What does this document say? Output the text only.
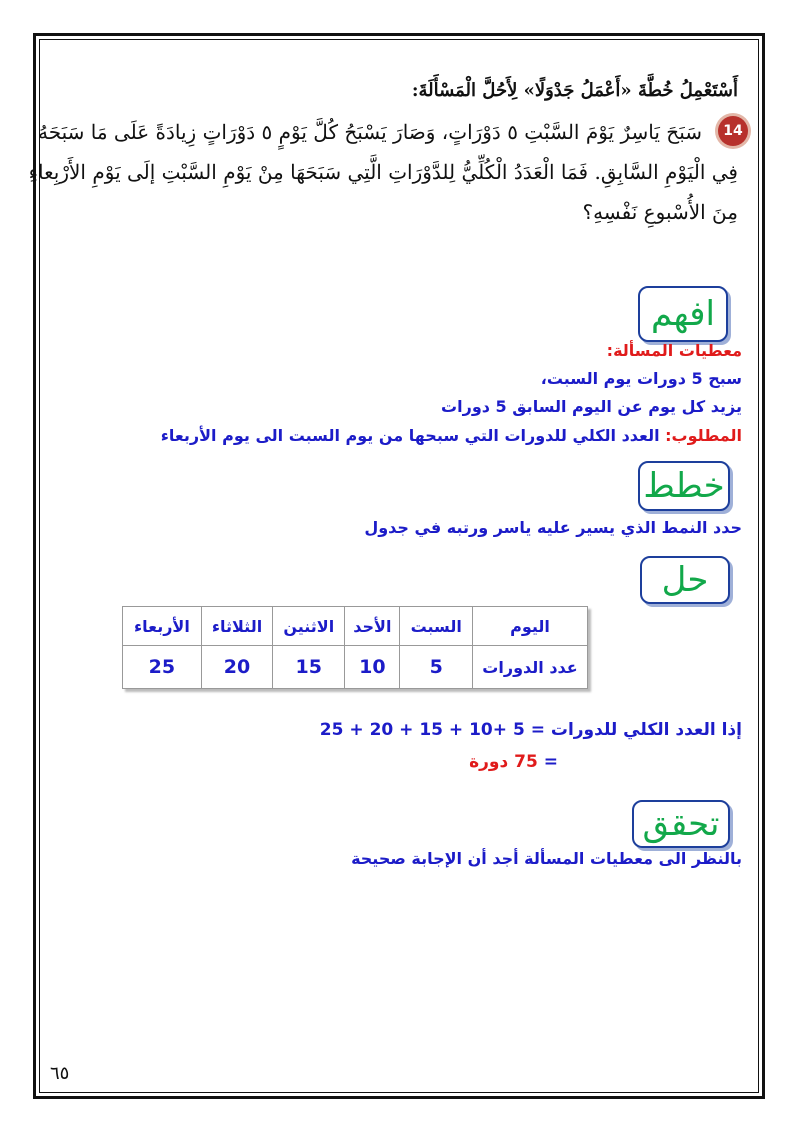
أَسْتَعْمِلُ خُطَّةَ «أَعْمَلُ جَدْوَلًا» لِأَحُلَّ الْمَسْأَلَةَ:
14
سَبَحَ يَاسِرٌ يَوْمَ السَّبْتِ ٥ دَوْرَاتٍ، وَصَارَ يَسْبَحُ كُلَّ يَوْمٍ ٥ دَوْرَاتٍ زِيادَةً عَلَى مَا سَبَحَهُ
فِي الْيَوْمِ السَّابِقِ. فَمَا الْعَدَدُ الْكُلِّيُّ لِلدَّوْرَاتِ الَّتِي سَبَحَهَا مِنْ يَوْمِ السَّبْتِ إلَى يَوْمِ الأَرْبِعاءِ
مِنَ الأُسْبوعِ نَفْسِهِ؟
افهم
معطيات المسألة:
سبح 5 دورات يوم السبت،
يزيد كل يوم عن اليوم السابق 5 دورات
المطلوب: العدد الكلي للدورات التي سبحها من يوم السبت الى يوم الأربعاء
خطط
حدد النمط الذي يسير عليه ياسر ورتبه في جدول
حل
اليوم	السبت	الأحد	الاثنين	الثلاثاء	الأربعاء
عدد الدورات	5	10	15	20	25
إذا العدد الكلي للدورات = 5 +10 + 15 + 20 + 25
= 75 دورة
تحقق
بالنظر الى معطيات المسألة أجد أن الإجابة صحيحة
٦٥
